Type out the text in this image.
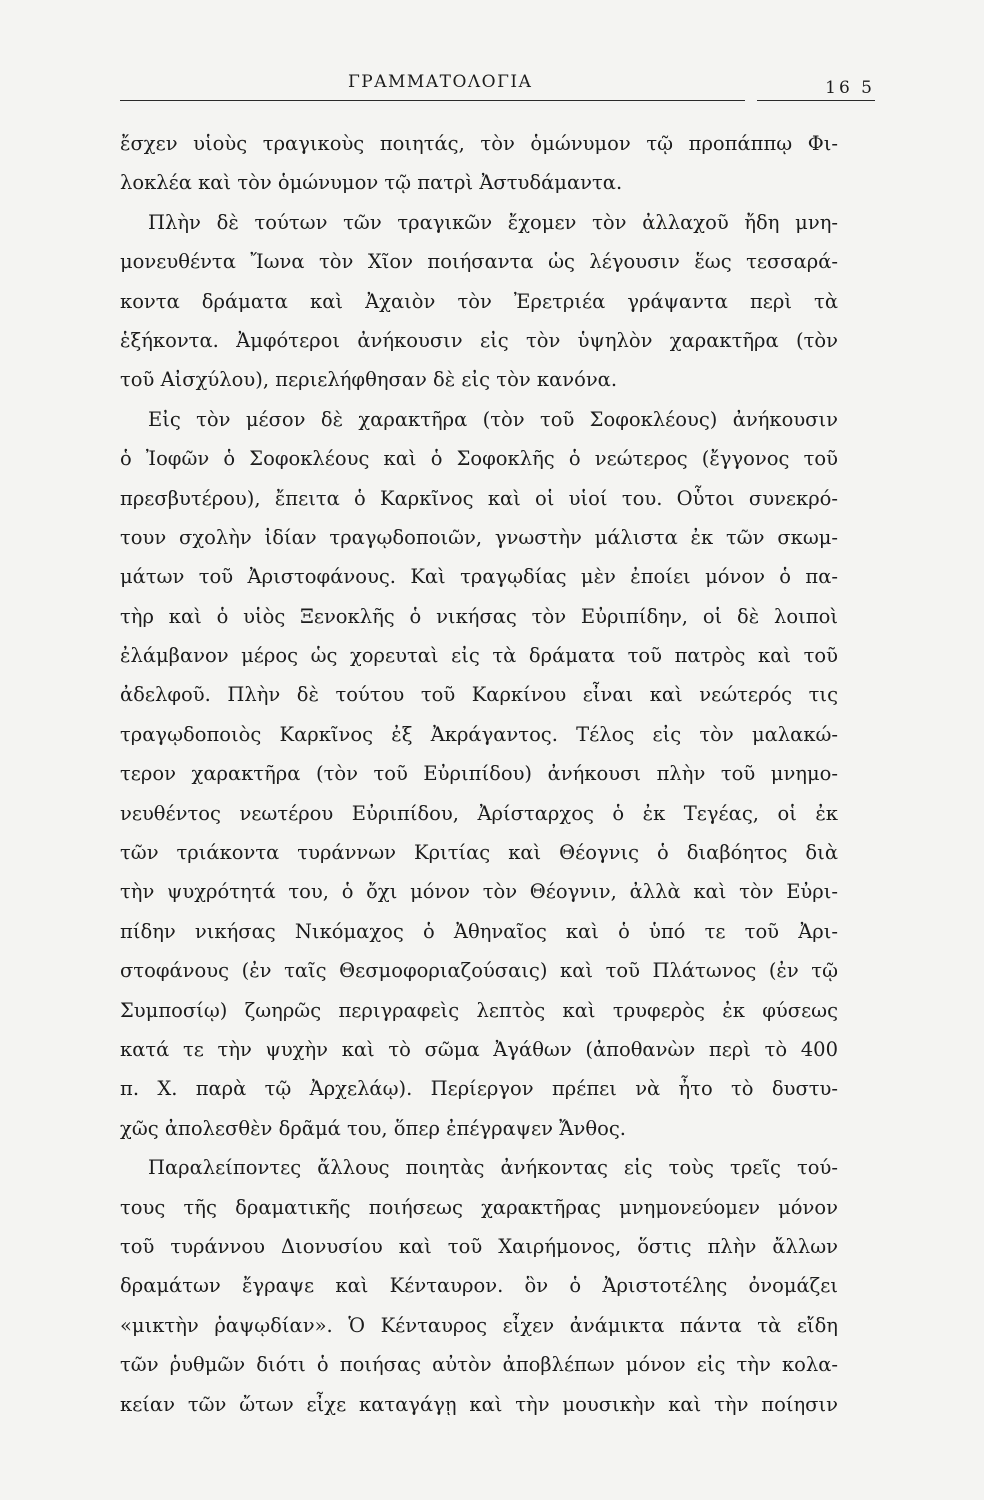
ΓΡΑΜΜΑΤΟΛΟΓΙΑ	16 5
ἔσχεν υἱοὺς τραγικοὺς ποιητάς, τὸν ὁμώνυμον τῷ προπάππῳ Φι-
λοκλέα καὶ τὸν ὁμώνυμον τῷ πατρὶ Ἀστυδάμαντα.
Πλὴν δὲ τούτων τῶν τραγικῶν ἔχομεν τὸν ἀλλαχοῦ ἤδη μνη-
μονευθέντα Ἴωνα τὸν Χῖον ποιήσαντα ὡς λέγουσιν ἕως τεσσαρά-
κοντα δράματα καὶ Ἀχαιὸν τὸν Ἐρετριέα γράψαντα περὶ τὰ
ἑξήκοντα. Ἀμφότεροι ἀνήκουσιν εἰς τὸν ὑψηλὸν χαρακτῆρα (τὸν
τοῦ Αἰσχύλου), περιελήφθησαν δὲ εἰς τὸν κανόνα.
Εἰς τὸν μέσον δὲ χαρακτῆρα (τὸν τοῦ Σοφοκλέους) ἀνήκουσιν
ὁ Ἰοφῶν ὁ Σοφοκλέους καὶ ὁ Σοφοκλῆς ὁ νεώτερος (ἔγγονος τοῦ
πρεσβυτέρου), ἔπειτα ὁ Καρκῖνος καὶ οἱ υἱοί του. Οὗτοι συνεκρό-
τουν σχολὴν ἰδίαν τραγῳδοποιῶν, γνωστὴν μάλιστα ἐκ τῶν σκωμ-
μάτων τοῦ Ἀριστοφάνους. Καὶ τραγῳδίας μὲν ἐποίει μόνον ὁ πα-
τὴρ καὶ ὁ υἱὸς Ξενοκλῆς ὁ νικήσας τὸν Εὐριπίδην, οἱ δὲ λοιποὶ
ἐλάμβανον μέρος ὡς χορευταὶ εἰς τὰ δράματα τοῦ πατρὸς καὶ τοῦ
ἀδελφοῦ. Πλὴν δὲ τούτου τοῦ Καρκίνου εἶναι καὶ νεώτερός τις
τραγῳδοποιὸς Καρκῖνος ἐξ Ἀκράγαντος. Τέλος εἰς τὸν μαλακώ-
τερον χαρακτῆρα (τὸν τοῦ Εὐριπίδου) ἀνήκουσι πλὴν τοῦ μνημο-
νευθέντος νεωτέρου Εὐριπίδου, Ἀρίσταρχος ὁ ἐκ Τεγέας, οἱ ἐκ
τῶν τριάκοντα τυράννων Κριτίας καὶ Θέογνις ὁ διαβόητος διὰ
τὴν ψυχρότητά του, ὁ ὄχι μόνον τὸν Θέογνιν, ἀλλὰ καὶ τὸν Εὐρι-
πίδην νικήσας Νικόμαχος ὁ Ἀθηναῖος καὶ ὁ ὑπό τε τοῦ Ἀρι-
στοφάνους (ἐν ταῖς Θεσμοφοριαζούσαις) καὶ τοῦ Πλάτωνος (ἐν τῷ
Συμποσίῳ) ζωηρῶς περιγραφεὶς λεπτὸς καὶ τρυφερὸς ἐκ φύσεως
κατά τε τὴν ψυχὴν καὶ τὸ σῶμα Ἀγάθων (ἀποθανὼν περὶ τὸ 400
π. Χ. παρὰ τῷ Ἀρχελάῳ). Περίεργον πρέπει νὰ ἦτο τὸ δυστυ-
χῶς ἀπολεσθὲν δρᾶμά του, ὅπερ ἐπέγραψεν Ἄνθος.
Παραλείποντες ἄλλους ποιητὰς ἀνήκοντας εἰς τοὺς τρεῖς τού-
τους τῆς δραματικῆς ποιήσεως χαρακτῆρας μνημονεύομεν μόνον
τοῦ τυράννου Διονυσίου καὶ τοῦ Χαιρήμονος, ὅστις πλὴν ἄλλων
δραμάτων ἔγραψε καὶ Κένταυρον. ὃν ὁ Ἀριστοτέλης ὀνομάζει
«μικτὴν ῥαψῳδίαν». Ὁ Κένταυρος εἶχεν ἀνάμικτα πάντα τὰ εἴδη
τῶν ῥυθμῶν διότι ὁ ποιήσας αὐτὸν ἀποβλέπων μόνον εἰς τὴν κολα-
κείαν τῶν ὤτων εἶχε καταγάγῃ καὶ τὴν μουσικὴν καὶ τὴν ποίησιν
